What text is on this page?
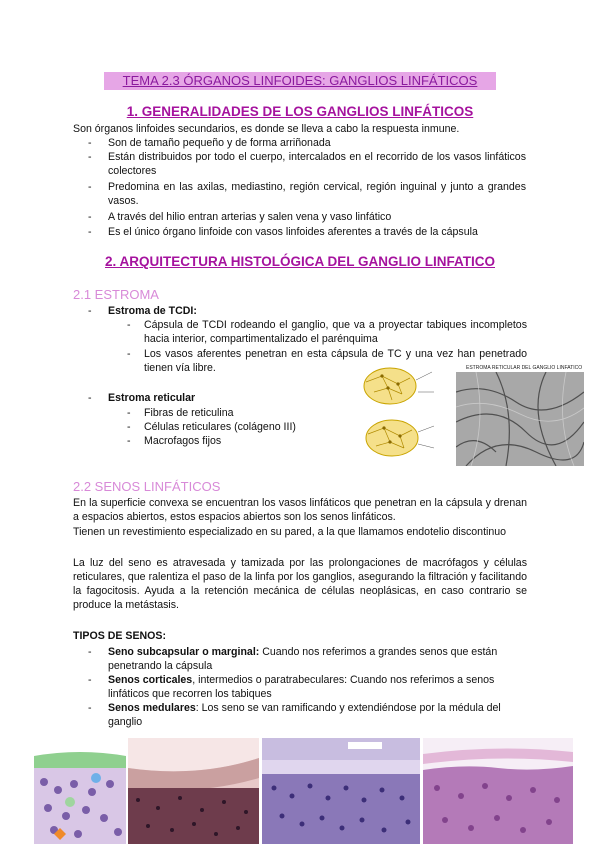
TEMA 2.3 ÓRGANOS LINFOIDES: GANGLIOS LINFÁTICOS
1. GENERALIDADES DE LOS GANGLIOS LINFÁTICOS
Son órganos linfoides secundarios, es donde se lleva a cabo la respuesta inmune.
- Son de tamaño pequeño y de forma arriñonada
- Están distribuidos por todo el cuerpo, intercalados en el recorrido de los vasos linfáticos colectores
- Predomina en las axilas, mediastino, región cervical, región inguinal y junto a grandes vasos.
- A través del hilio entran arterias y salen vena y vaso linfático
- Es el único órgano linfoide con vasos linfoides aferentes a través de la cápsula
2. ARQUITECTURA HISTOLÓGICA DEL GANGLIO LINFATICO
2.1 ESTROMA
- Estroma de TCDI:
- Cápsula de TCDI rodeando el ganglio, que va a proyectar tabiques incompletos hacia interior, compartimentalizado el parénquima
- Los vasos aferentes penetran en esta cápsula de TC y una vez han penetrado tienen vía libre.
- Estroma reticular
- Fibras de reticulina
- Células reticulares (colágeno III)
- Macrofagos fijos
ESTROMA RETICULAR DEL GANGLIO LINFATICO
2.2 SENOS LINFÁTICOS
En la superficie convexa se encuentran los vasos linfáticos que penetran en la cápsula y drenan a espacios abiertos, estos espacios abiertos son los senos linfáticos.
Tienen un revestimiento especializado en su pared, a la que llamamos endotelio discontinuo
La luz del seno es atravesada y tamizada por las prolongaciones de macrófagos y células reticulares, que ralentiza el paso de la linfa por los ganglios, asegurando la filtración y facilitando la fagocitosis. Ayuda a la retención mecánica de células neoplásicas, en caso contrario se produce la metástasis.
TIPOS DE SENOS:
- Seno subcapsular o marginal: Cuando nos referimos a grandes senos que están penetrando la cápsula
- Senos corticales, intermedios o paratrabeculares: Cuando nos referimos a senos linfáticos que recorren los tabiques
- Senos medulares: Los seno se van ramificando y extendiéndose por la médula del ganglio
